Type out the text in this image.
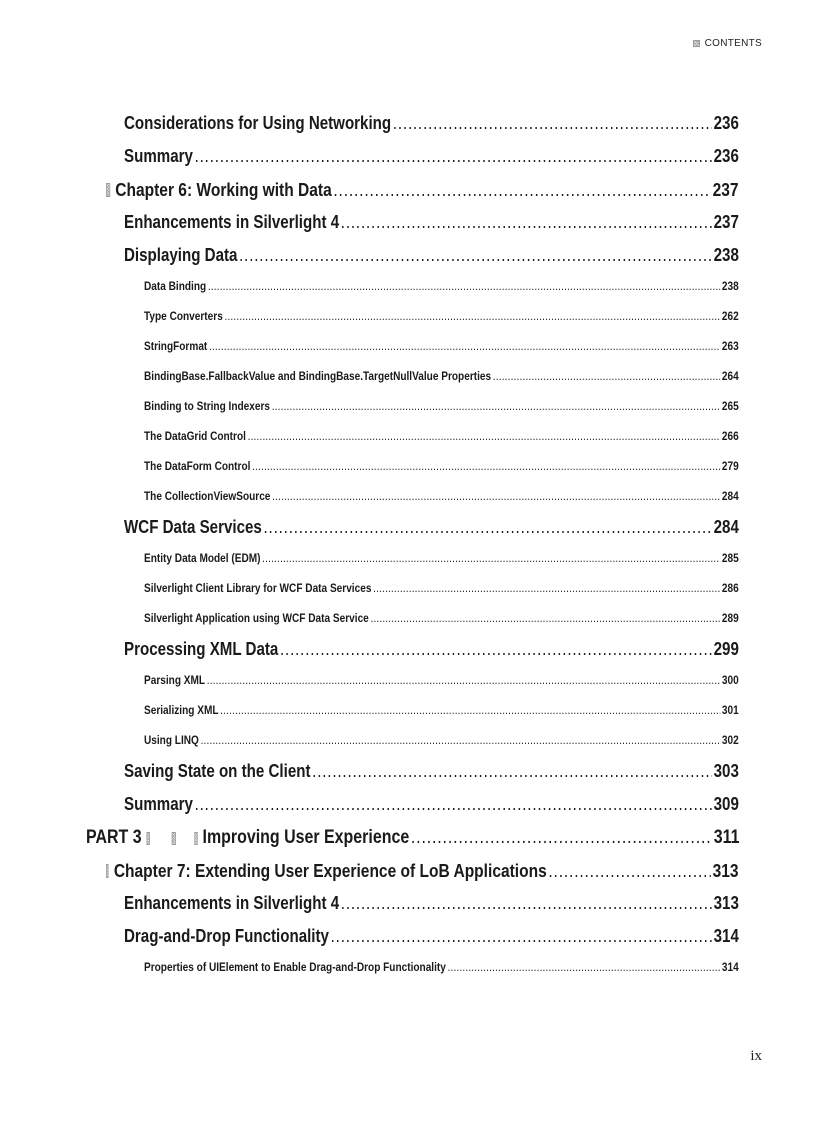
CONTENTS
Considerations for Using Networking .....	236
Summary .....	236
Chapter 6: Working with Data .....	237
Enhancements in Silverlight 4 .....	237
Displaying Data .....	238
Data Binding .....	238
Type Converters .....	262
StringFormat .....	263
BindingBase.FallbackValue and BindingBase.TargetNullValue Properties .....	264
Binding to String Indexers .....	265
The DataGrid Control .....	266
The DataForm Control .....	279
The CollectionViewSource .....	284
WCF Data Services .....	284
Entity Data Model (EDM) .....	285
Silverlight Client Library for WCF Data Services .....	286
Silverlight Application using WCF Data Service .....	289
Processing XML Data .....	299
Parsing XML .....	300
Serializing XML .....	301
Using LINQ .....	302
Saving State on the Client .....	303
Summary .....	309
PART 3	Improving User Experience .....	311
Chapter 7: Extending User Experience of LoB Applications .....	313
Enhancements in Silverlight 4 .....	313
Drag-and-Drop Functionality .....	314
Properties of UIElement to Enable Drag-and-Drop Functionality .....	314
ix
